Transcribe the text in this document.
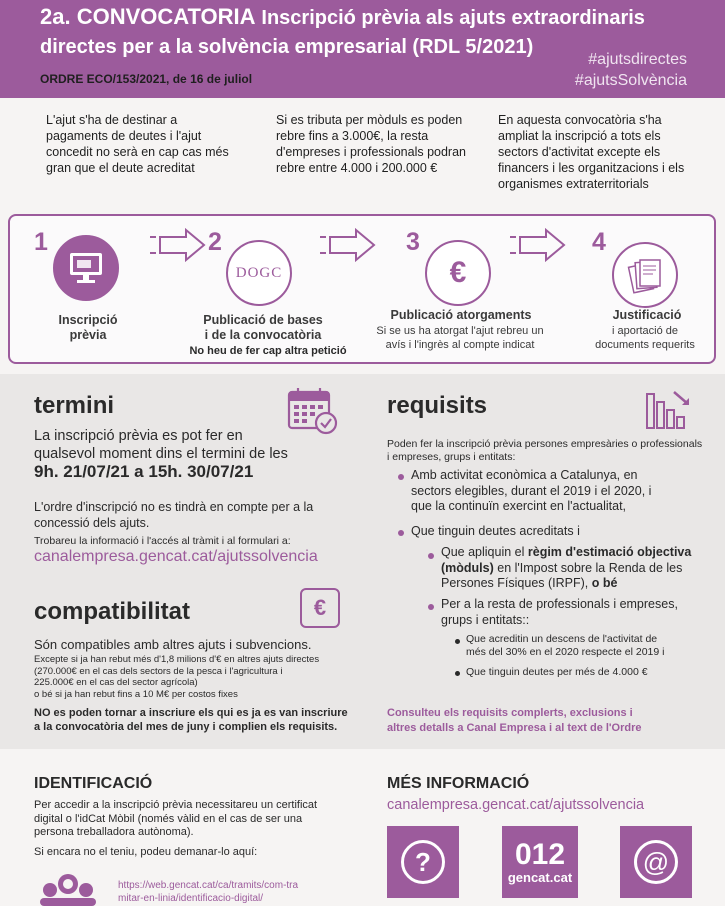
2a. CONVOCATORIA Inscripció prèvia als ajuts extraordinaris
directes per a la solvència empresarial (RDL 5/2021)
ORDRE ECO/153/2021, de 16 de juliol
#ajutsdirectes
#ajutsSolvència
L'ajut s'ha de destinar a pagaments de deutes i l'ajut concedit no serà en cap cas més gran que el deute acreditat
Si es tributa per mòduls es poden rebre fins a 3.000€, la resta d'empreses i professionals podran rebre entre 4.000 i 200.000 €
En aquesta convocatòria s'ha ampliat la inscripció a tots els sectors d'activitat excepte els financers i les organitzacions i els organismes extraterritorials
1
Inscripció
prèvia
2
DOGC
Publicació de bases
i de la convocatòria
No heu de fer cap altra petició
3
€
Publicació atorgaments
Si se us ha atorgat l'ajut rebreu un
avís i l'ingrès al compte indicat
4
Justificació
i aportació de
documents requerits
termini
La inscripció prèvia es pot fer en
qualsevol moment dins el termini de les
9h. 21/07/21 a 15h. 30/07/21
L'ordre d'inscripció no es tindrà en compte per a la
concessió dels ajuts.
Trobareu la informació i l'accés al tràmit i al formulari a:
canalempresa.gencat.cat/ajutssolvencia
compatibilitat	€
Són compatibles amb altres ajuts i subvencions.
Excepte si ja han rebut més d'1,8 milions d'€ en altres ajuts directes
(270.000€ en el cas dels sectors de la pesca i l'agricultura i
225.000€ en el cas del sector agrícola)
o bé si ja han rebut fins a 10 M€ per costos fixes
NO es poden tornar a inscriure els qui es ja es van inscriure
a la convocatòria del mes de juny i complien els requisits.
requisits
Poden fer la inscripció prèvia persones empresàries o professionals
i empreses, grups i entitats:
Amb activitat econòmica a Catalunya, en
sectors elegibles, durant el 2019 i el 2020, i
que la continuïn exercint en l'actualitat,
Que tinguin deutes acreditats i
Que apliquin el règim d'estimació objectiva
(mòduls) en l'Impost sobre la Renda de les
Persones Físiques (IRPF), o bé
Per a la resta de professionals i empreses,
grups i entitats::
Que acreditin un descens de l'activitat de
més del 30% en el 2020 respecte el 2019 i
Que tinguin deutes per més de 4.000 €
Consulteu els requisits complerts, exclusions i
altres detalls a Canal Empresa i al text de l'Ordre
IDENTIFICACIÓ
Per accedir a la inscripció prèvia necessitareu un certificat
digital o l'idCat Mòbil (només vàlid en el cas de ser una
persona treballadora autònoma).
Si encara no el teniu, podeu demanar-lo aquí:
https://web.gencat.cat/ca/tramits/com-tra
mitar-en-linia/identificacio-digital/
MÉS INFORMACIÓ
canalempresa.gencat.cat/ajutssolvencia
?	012
gencat.cat
@
